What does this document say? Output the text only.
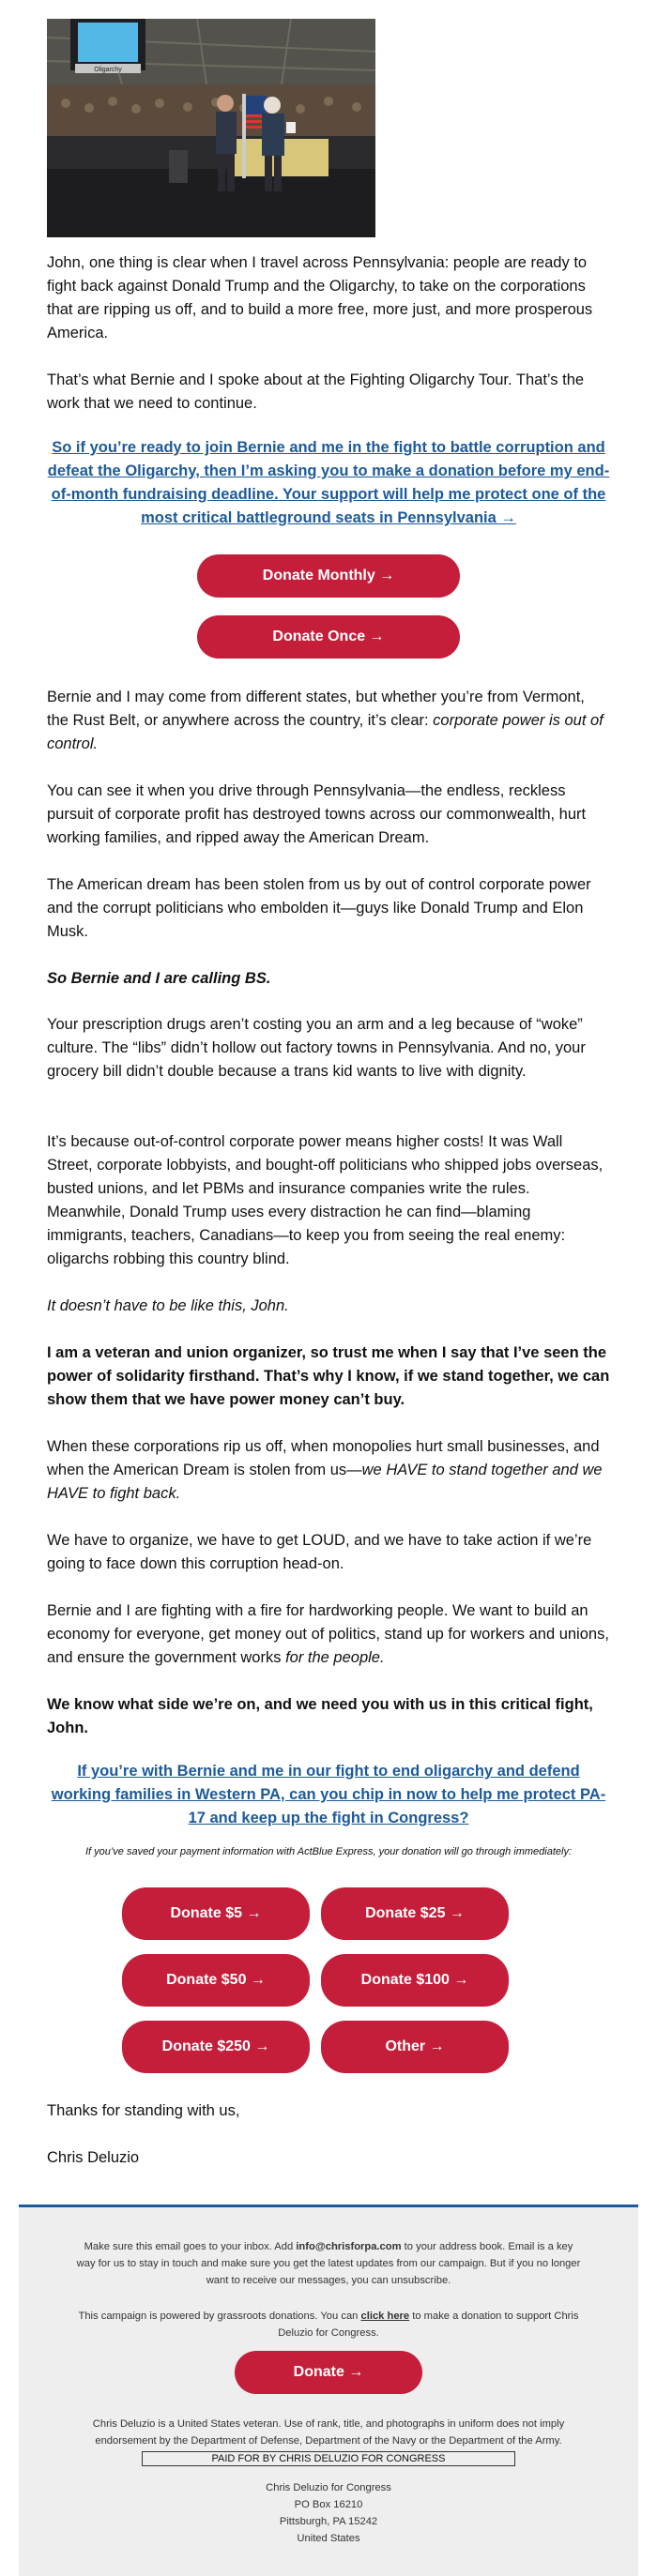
Oligarchy

John, one thing is clear when I travel across Pennsylvania: people are ready to fight back against Donald Trump and the Oligarchy, to take on the corporations that are ripping us off, and to build a more free, more just, and more prosperous America.

That’s what Bernie and I spoke about at the Fighting Oligarchy Tour. That’s the work that we need to continue.

So if you’re ready to join Bernie and me in the fight to battle corruption and defeat the Oligarchy, then I’m asking you to make a donation before my end-of-month fundraising deadline. Your support will help me protect one of the most critical battleground seats in Pennsylvania →
Donate Monthly →
Donate Once →

Bernie and I may come from different states, but whether you’re from Vermont, the Rust Belt, or anywhere across the country, it’s clear: corporate power is out of control.

You can see it when you drive through Pennsylvania—the endless, reckless pursuit of corporate profit has destroyed towns across our commonwealth, hurt working families, and ripped away the American Dream.

The American dream has been stolen from us by out of control corporate power and the corrupt politicians who embolden it—guys like Donald Trump and Elon Musk.

So Bernie and I are calling BS.

Your prescription drugs aren’t costing you an arm and a leg because of “woke” culture. The “libs” didn’t hollow out factory towns in Pennsylvania. And no, your grocery bill didn’t double because a trans kid wants to live with dignity.

It’s because out-of-control corporate power means higher costs! It was Wall Street, corporate lobbyists, and bought-off politicians who shipped jobs overseas, busted unions, and let PBMs and insurance companies write the rules. Meanwhile, Donald Trump uses every distraction he can find—blaming immigrants, teachers, Canadians—to keep you from seeing the real enemy: oligarchs robbing this country blind.

It doesn’t have to be like this, John.

I am a veteran and union organizer, so trust me when I say that I’ve seen the power of solidarity firsthand. That’s why I know, if we stand together, we can show them that we have power money can’t buy.

When these corporations rip us off, when monopolies hurt small businesses, and when the American Dream is stolen from us—we HAVE to stand together and we HAVE to fight back.

We have to organize, we have to get LOUD, and we have to take action if we’re going to face down this corruption head-on.

Bernie and I are fighting with a fire for hardworking people. We want to build an economy for everyone, get money out of politics, stand up for workers and unions, and ensure the government works for the people.

We know what side we’re on, and we need you with us in this critical fight, John.

If you’re with Bernie and me in our fight to end oligarchy and defend working families in Western PA, can you chip in now to help me protect PA-17 and keep up the fight in Congress?
If you’ve saved your payment information with ActBlue Express, your donation will go through immediately:
Donate $5 →	Donate $25 →
Donate $50 →	Donate $100 →
Donate $250 →	Other →

Thanks for standing with us,

Chris Deluzio

Make sure this email goes to your inbox. Add info@chrisforpa.com to your address book. Email is a key way for us to stay in touch and make sure you get the latest updates from our campaign. But if you no longer want to receive our messages, you can unsubscribe.

This campaign is powered by grassroots donations. You can click here to make a donation to support Chris Deluzio for Congress.

Donate →

Chris Deluzio is a United States veteran. Use of rank, title, and photographs in uniform does not imply endorsement by the Department of Defense, Department of the Navy or the Department of the Army.

PAID FOR BY CHRIS DELUZIO FOR CONGRESS

Chris Deluzio for Congress

PO Box 16210

Pittsburgh, PA 15242

United States
